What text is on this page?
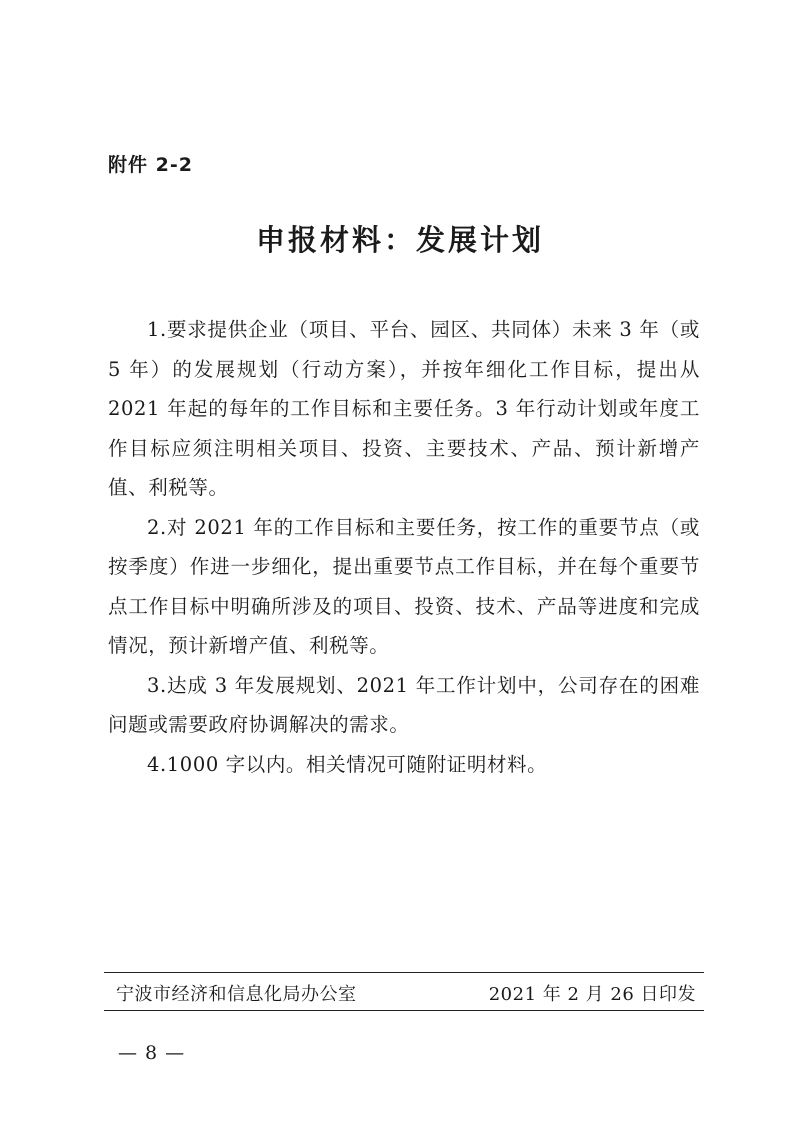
附件 2-2
申报材料：发展计划

1.要求提供企业（项目、平台、园区、共同体）未来 3 年（或 5 年）的发展规划（行动方案），并按年细化工作目标，提出从 2021 年起的每年的工作目标和主要任务。3 年行动计划或年度工作目标应须注明相关项目、投资、主要技术、产品、预计新增产值、利税等。

2.对 2021 年的工作目标和主要任务，按工作的重要节点（或按季度）作进一步细化，提出重要节点工作目标，并在每个重要节点工作目标中明确所涉及的项目、投资、技术、产品等进度和完成情况，预计新增产值、利税等。

3.达成 3 年发展规划、2021 年工作计划中，公司存在的困难问题或需要政府协调解决的需求。

4.1000 字以内。相关情况可随附证明材料。

宁波市经济和信息化局办公室	2021 年 2 月 26 日印发
— 8 —
